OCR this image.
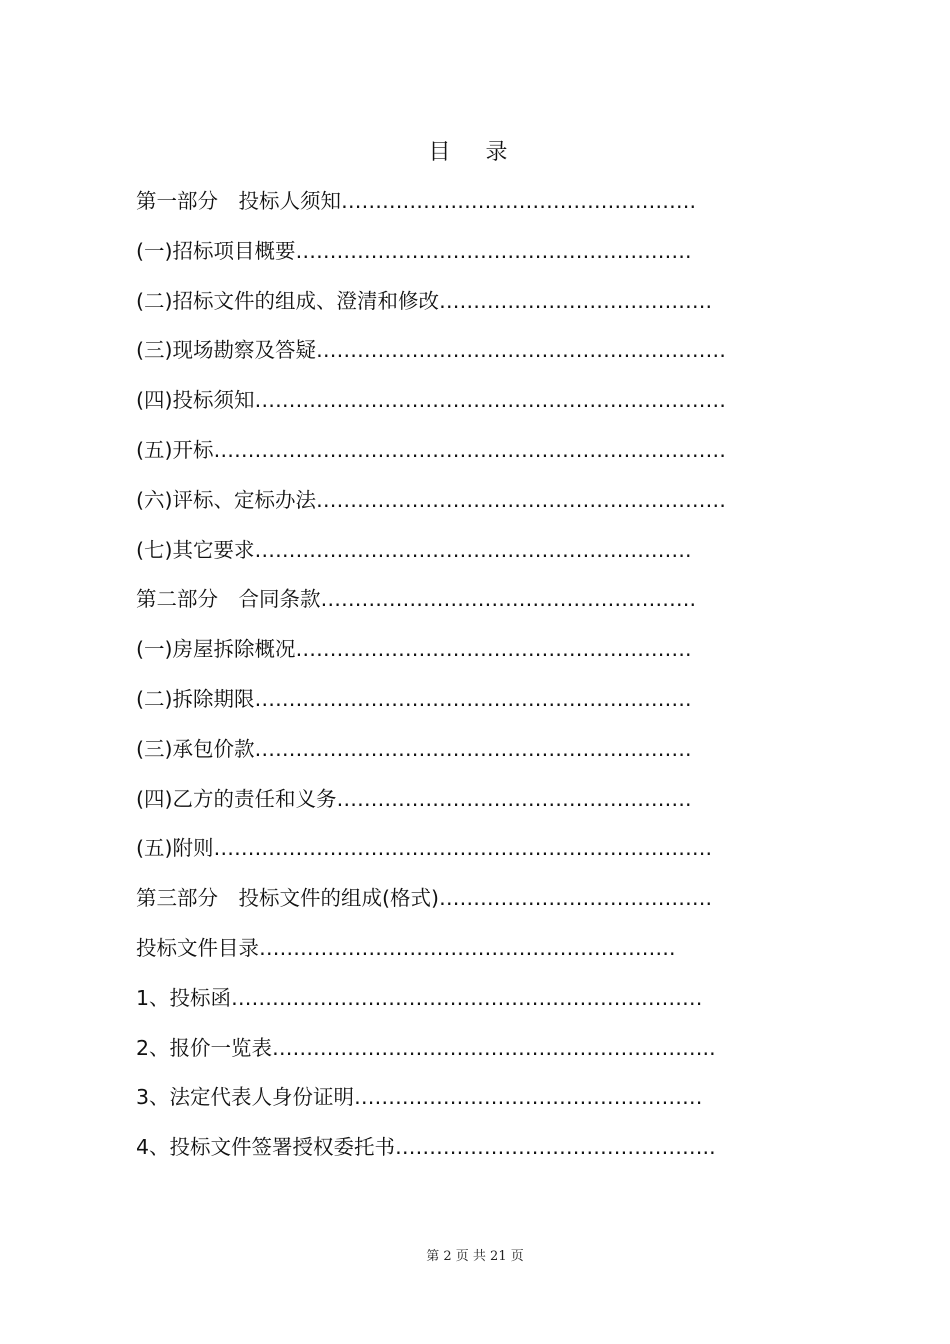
目 录
第一部分　投标人须知…………………………………………….
(一)招标项目概要………………………………………………….
(二)招标文件的组成、澄清和修改………………………………….
(三)现场勘察及答疑……………………………………………………
(四)投标须知……………………………………………………………
(五)开标…………………………………………………………………
(六)评标、定标办法……………………………………………………
(七)其它要求……………………………………………………….
第二部分　合同条款……………………………………………….
(一)房屋拆除概况………………………………………………….
(二)拆除期限……………………………………………………….
(三)承包价款……………………………………………………….
(四)乙方的责任和义务…………………………………………….
(五)附则……………………………………………………………….
第三部分　投标文件的组成(格式)………………………………….
投标文件目录…………………………………………………….
1、投标函……………………………………………………………
2、报价一览表………………………………………………………..
3、法定代表人身份证明……………………………………………
4、投标文件签署授权委托书………………………………………..
第 2 页 共 21 页
